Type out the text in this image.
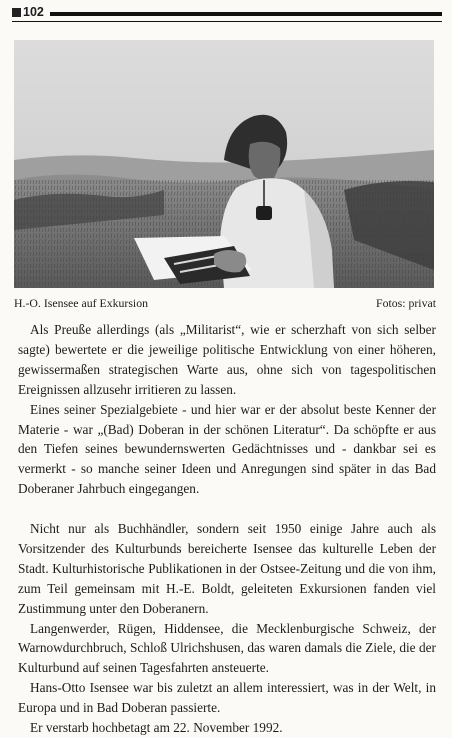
102
H.-O. Isensee auf Exkursion	Fotos: privat

Als Preuße allerdings (als „Militarist“, wie er scherzhaft von sich selber sagte) bewertete er die jeweilige politische Entwicklung von einer höheren, gewissermaßen strategischen Warte aus, ohne sich von tagespolitischen Ereignissen allzusehr irritieren zu lassen.

Eines seiner Spezialgebiete - und hier war er der absolut beste Kenner der Materie - war „(Bad) Doberan in der schönen Literatur“. Da schöpfte er aus den Tiefen seines bewundernswerten Gedächtnisses und - dankbar sei es vermerkt - so manche seiner Ideen und Anregungen sind später in das Bad Doberaner Jahrbuch eingegangen.

Nicht nur als Buchhändler, sondern seit 1950 einige Jahre auch als Vorsitzender des Kulturbunds bereicherte Isensee das kulturelle Leben der Stadt. Kulturhistorische Publikationen in der Ostsee-Zeitung und die von ihm, zum Teil gemeinsam mit H.-E. Boldt, geleiteten Exkursionen fanden viel Zustimmung unter den Doberanern.

Langenwerder, Rügen, Hiddensee, die Mecklenburgische Schweiz, der Warnowdurchbruch, Schloß Ulrichshusen, das waren damals die Ziele, die der Kulturbund auf seinen Tagesfahrten ansteuerte.

Hans-Otto Isensee war bis zuletzt an allem interessiert, was in der Welt, in Europa und in Bad Doberan passierte.

Er verstarb hochbetagt am 22. November 1992.
